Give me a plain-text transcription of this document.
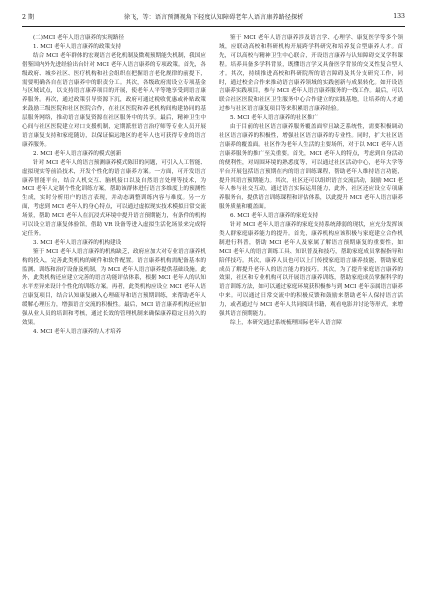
2 期	徐飞，等：语言预测视角下轻度认知障碍老年人语言康养路径探析	133

(二)MCI 老年人语言康养的实现路径

1. MCI 老年人语言康养的政策支持

结合 MCI 老年群体的宏观语言老化机制及微观预期能失机制，我国应借鉴国内外先进经验出台针对 MCI 老年人语言康养的专项政策。首先，各级政府、城乡社区、医疗机构和社会组织在把握语言老化规律的前提下，需要明确各自在语言康养中的职责分工。其次，各级政府需设立专项基金与区域试点，以支持语言康养项目的开展，使老年人平等地享受到语言康养服务。再次，通过政策引导资源下沉，政府可通过税收优惠或补贴政策来鼓励三级医院和社区医院合作，在社区医院和养老机构间构建协同的基层服务网络，推动语言康复资源在社区服务中的共享。最后，精神卫生中心间与社区医院建立对口支援机制，定期派驻语言治疗师等专业人员开展语言康复支持和家庭随访，以保证偏远地区的老年人也可获得专业的语言康养服务。

2. MCI 老年人语言康养的模式创新

针对 MCI 老年人的语言预测康养模式陈旧的问题，可引入人工智能、虚拟现实等前沿技术，开发个性化的语言康养方案。一方面，可开发语言康养智能平台，结合人机交互、脑机接口以及自然语言处理等技术，为 MCI 老年人定制个性化训练方案，帮助该群体进行语言多维度上的预测性生成，实时分析用户的语言表现，并动态调整训练内容与难度。另一方面，考虑到 MCI 老年人的身心特点，可以通过虚拟现实技术模拟日常交流场景，帮助 MCI 老年人在沉浸式环境中提升语言预期能力，有条件的机构可以设立语言康复体验馆，借助 VR 设备等进入虚拟生活化场景来完成特定任务。

3. MCI 老年人语言康养的机构建设

鉴于 MCI 老年人语言康养的机构缺乏，政府应加大对专业语言康养机构的投入，完善此类机构的硬件和软件配置。语言康养机构需配备基本的监测、训练和治疗设备及机制，为 MCI 老年人语言康养提供基础设施。此外，此类机构还应建立完善的语言功能评估体系，根据 MCI 老年人的认知水平差异来设计个性化的训练方案。再者，此类机构应设立 MCI 老年人语言康复项目，结合认知康复融入心理疏导和语言预期训练，来帮助老年人缓解心理压力，增强语言交流的积极性。最后，MCI 语言康养机构还应加强从业人员的培训和考核，通过长效的管理机制来确保康养稳定且持久的效果。

4. MCI 老年人语言康养的人才培养

鉴于 MCI 老年人语言康养涉及语言学、心理学、康复医学等多个领域，应联动高校和科研机构开展跨学科研究和培养复合型康养人才。首先，可以高校与精神卫生中心联合，开设语言康养与认知障碍交叉学科课程。培养具备多学科背景，既懂语言学又具备医学背景的交叉性复合型人才。其次，持续推进高校和科研院所的语言障碍及其分支研究工作，同时，通过校企合作来推动语言康养领域的实践创新与成果转化。如开设语言康养实践项目，参与 MCI 老年人语言康养服务的一线工作。最后，可以联合社区医院和社区卫生服务中心合作建立的实践基地，让培养的人才通过参与社区语言康复项目等来积累语言康养经验。

5. MCI 老年人语言康养的社区推广

由于目前的社区语言康养服务覆盖面窄且缺乏系统性，需要积极调动社区语言康养的积极性，增强社区语言康养的专业性。同时，扩大社区语言康养的覆盖面。社区作为老年人生活的主要场所，对于以 MCI 老年人语言康养服务的推广至关重要。首先，MCI 老年人的特点，考虑到自身活动的便利性，对周围环境的熟悉度等，可以通过社区活动中心，老年大学等平台开展包括语言预期在内的语言训练课程，帮助老年人维持语言功能，提升其语言预期能力。其次，社区还可以组织语言交流活动，鼓励 MCI 老年人参与社交互动，通过语言实际运用能力，此外，社区还应设立专项康养服务台，提供语言训练课程和评估体系，以此提升 MCI 老年人语言康养服务质量和覆盖面。

6. MCI 老年人语言康养的家庭支持

针对 MCI 老年人语言康养的家庭支持系统薄弱的现状，应充分发挥该类人群家庭康养能力的提升。首先，康养机构应该积极与家庭建立合作机制进行科普，帮助 MCI 老年人及家属了解语言预期康复的重要性，如 MCI 老年人的语言训练工具、知识普及和技巧，帮助家庭成员掌握指导和陪伴技巧。其次，康养人员也可以上门传授家庭语言康养技能，帮助家庭成员了解提升老年人的语言能力的技巧。其次，为了提升家庭语言康养的效果，社区和专业机构可以开展语言康养训练，帮助家庭成员掌握科学的语言训练方法，如可以通过家庭环境获积极参与到 MCI 老年亲属语言康养中来。可以通过日常交流中的积极反馈和鼓励来帮助老年人保持语言活力，或者通过与 MCI 老年人共同阅读书籍，观看电影并讨论等形式，来增强其语言预期能力。

综上，本研究通过系统梳理国际老年人语言障
